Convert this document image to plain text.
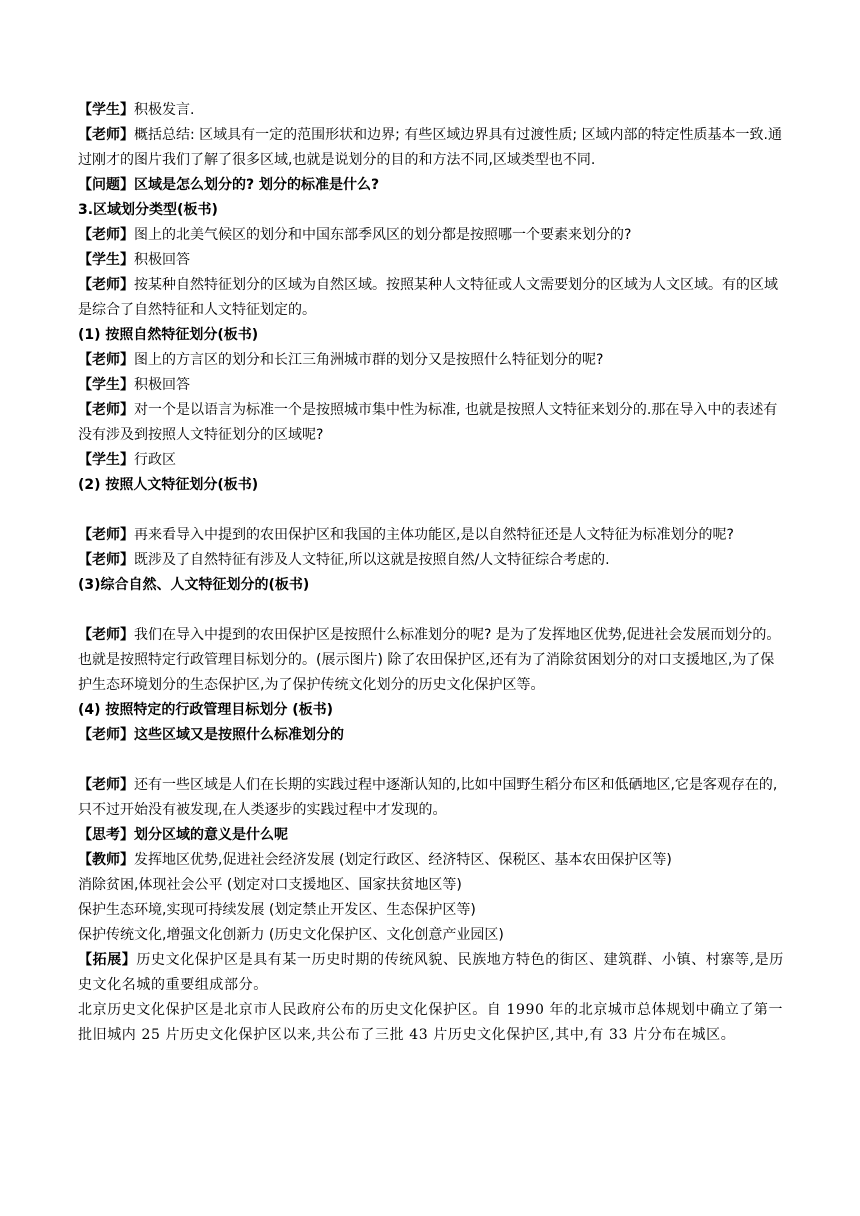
【学生】积极发言.

【老师】概括总结: 区域具有一定的范围形状和边界; 有些区域边界具有过渡性质; 区域内部的特定性质基本一致.通过刚才的图片我们了解了很多区域,也就是说划分的目的和方法不同,区域类型也不同.

【问题】区域是怎么划分的? 划分的标准是什么?

3.区域划分类型(板书)

【老师】图上的北美气候区的划分和中国东部季风区的划分都是按照哪一个要素来划分的?

【学生】积极回答

【老师】按某种自然特征划分的区域为自然区域。按照某种人文特征或人文需要划分的区域为人文区域。有的区域是综合了自然特征和人文特征划定的。

(1) 按照自然特征划分(板书)

【老师】图上的方言区的划分和长江三角洲城市群的划分又是按照什么特征划分的呢?

【学生】积极回答

【老师】对一个是以语言为标准一个是按照城市集中性为标准, 也就是按照人文特征来划分的.那在导入中的表述有没有涉及到按照人文特征划分的区域呢?

【学生】行政区

(2) 按照人文特征划分(板书)

【老师】再来看导入中提到的农田保护区和我国的主体功能区,是以自然特征还是人文特征为标准划分的呢?

【老师】既涉及了自然特征有涉及人文特征,所以这就是按照自然/人文特征综合考虑的.

(3)综合自然、人文特征划分的(板书)

【老师】我们在导入中提到的农田保护区是按照什么标准划分的呢? 是为了发挥地区优势,促进社会发展而划分的。也就是按照特定行政管理目标划分的。(展示图片) 除了农田保护区,还有为了消除贫困划分的对口支援地区,为了保护生态环境划分的生态保护区,为了保护传统文化划分的历史文化保护区等。

(4) 按照特定的行政管理目标划分 (板书)

【老师】这些区域又是按照什么标准划分的

【老师】还有一些区域是人们在长期的实践过程中逐渐认知的,比如中国野生稻分布区和低硒地区,它是客观存在的,只不过开始没有被发现,在人类逐步的实践过程中才发现的。

【思考】划分区域的意义是什么呢

【教师】发挥地区优势,促进社会经济发展 (划定行政区、经济特区、保税区、基本农田保护区等)

消除贫困,体现社会公平 (划定对口支援地区、国家扶贫地区等)

保护生态环境,实现可持续发展 (划定禁止开发区、生态保护区等)

保护传统文化,增强文化创新力 (历史文化保护区、文化创意产业园区)

【拓展】历史文化保护区是具有某一历史时期的传统风貌、民族地方特色的街区、建筑群、小镇、村寨等,是历史文化名城的重要组成部分。

北京历史文化保护区是北京市人民政府公布的历史文化保护区。自 1990 年的北京城市总体规划中确立了第一批旧城内 25 片历史文化保护区以来,共公布了三批 43 片历史文化保护区,其中,有 33 片分布在城区。
